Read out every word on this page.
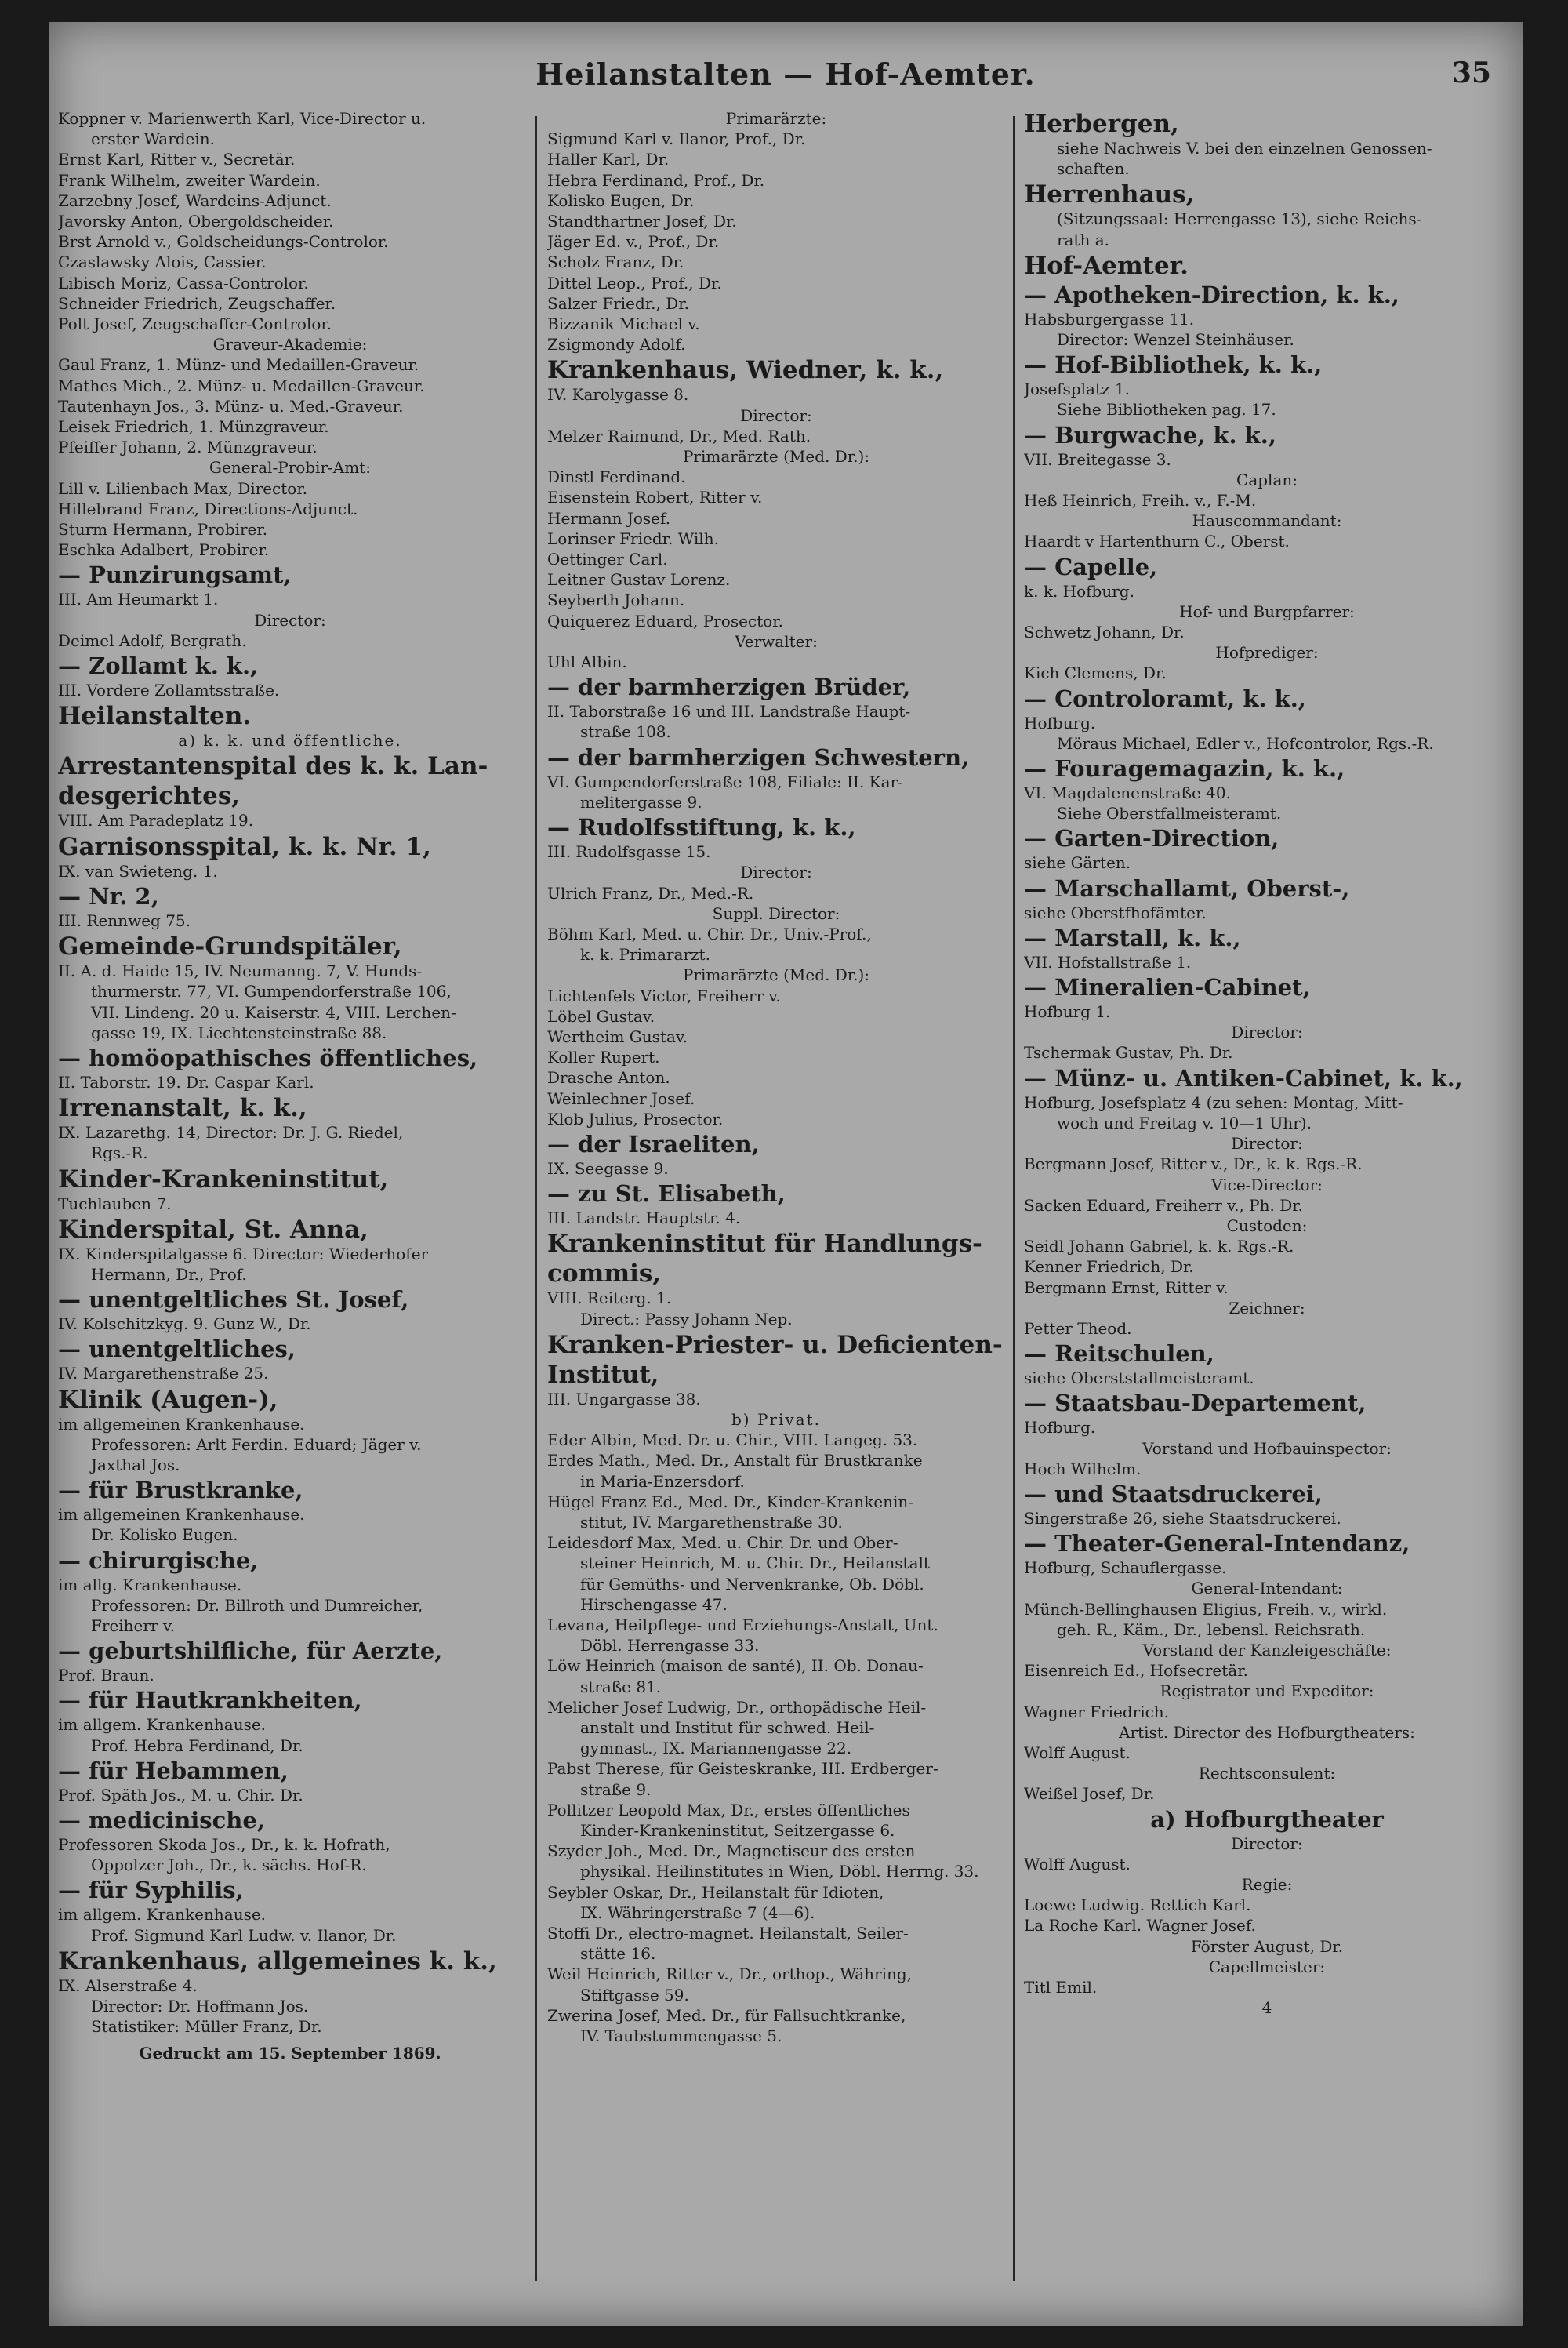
Heilanstalten — Hof-Aemter.	35
Koppner v. Marienwerth Karl, Vice-Director u.
erster Wardein.
Ernst Karl, Ritter v., Secretär.
Frank Wilhelm, zweiter Wardein.
Zarzebny Josef, Wardeins-Adjunct.
Javorsky Anton, Obergoldscheider.
Brst Arnold v., Goldscheidungs-Controlor.
Czaslawsky Alois, Cassier.
Libisch Moriz, Cassa-Controlor.
Schneider Friedrich, Zeugschaffer.
Polt Josef, Zeugschaffer-Controlor.
Graveur-Akademie:
Gaul Franz, 1. Münz- und Medaillen-Graveur.
Mathes Mich., 2. Münz- u. Medaillen-Graveur.
Tautenhayn Jos., 3. Münz- u. Med.-Graveur.
Leisek Friedrich, 1. Münzgraveur.
Pfeiffer Johann, 2. Münzgraveur.
General-Probir-Amt:
Lill v. Lilienbach Max, Director.
Hillebrand Franz, Directions-Adjunct.
Sturm Hermann, Probirer.
Eschka Adalbert, Probirer.
— Punzirungsamt,
III. Am Heumarkt 1.
Director:
Deimel Adolf, Bergrath.
— Zollamt k. k.,
III. Vordere Zollamtsstraße.
Heilanstalten.
a) k. k. und öffentliche.
Arrestantenspital des k. k. Lan-
desgerichtes,
VIII. Am Paradeplatz 19.
Garnisonsspital, k. k. Nr. 1,
IX. van Swieteng. 1.
— Nr. 2,
III. Rennweg 75.
Gemeinde-Grundspitäler,
II. A. d. Haide 15, IV. Neumanng. 7, V. Hunds-
thurmerstr. 77, VI. Gumpendorferstraße 106,
VII. Lindeng. 20 u. Kaiserstr. 4, VIII. Lerchen-
gasse 19, IX. Liechtensteinstraße 88.
— homöopathisches öffentliches,
II. Taborstr. 19. Dr. Caspar Karl.
Irrenanstalt, k. k.,
IX. Lazarethg. 14, Director: Dr. J. G. Riedel,
Rgs.-R.
Kinder-Krankeninstitut,
Tuchlauben 7.
Kinderspital, St. Anna,
IX. Kinderspitalgasse 6. Director: Wiederhofer
Hermann, Dr., Prof.
— unentgeltliches St. Josef,
IV. Kolschitzkyg. 9. Gunz W., Dr.
— unentgeltliches,
IV. Margarethenstraße 25.
Klinik (Augen-),
im allgemeinen Krankenhause.
Professoren: Arlt Ferdin. Eduard; Jäger v.
Jaxthal Jos.
— für Brustkranke,
im allgemeinen Krankenhause.
Dr. Kolisko Eugen.
— chirurgische,
im allg. Krankenhause.
Professoren: Dr. Billroth und Dumreicher,
Freiherr v.
— geburtshilfliche, für Aerzte,
Prof. Braun.
— für Hautkrankheiten,
im allgem. Krankenhause.
Prof. Hebra Ferdinand, Dr.
— für Hebammen,
Prof. Späth Jos., M. u. Chir. Dr.
— medicinische,
Professoren Skoda Jos., Dr., k. k. Hofrath,
Oppolzer Joh., Dr., k. sächs. Hof-R.
— für Syphilis,
im allgem. Krankenhause.
Prof. Sigmund Karl Ludw. v. Ilanor, Dr.
Krankenhaus, allgemeines k. k.,
IX. Alserstraße 4.
Director: Dr. Hoffmann Jos.
Statistiker: Müller Franz, Dr.
Gedruckt am 15. September 1869.
Primarärzte:
Sigmund Karl v. Ilanor, Prof., Dr.
Haller Karl, Dr.
Hebra Ferdinand, Prof., Dr.
Kolisko Eugen, Dr.
Standthartner Josef, Dr.
Jäger Ed. v., Prof., Dr.
Scholz Franz, Dr.
Dittel Leop., Prof., Dr.
Salzer Friedr., Dr.
Bizzanik Michael v.
Zsigmondy Adolf.
Krankenhaus, Wiedner, k. k.,
IV. Karolygasse 8.
Director:
Melzer Raimund, Dr., Med. Rath.
Primarärzte (Med. Dr.):
Dinstl Ferdinand.
Eisenstein Robert, Ritter v.
Hermann Josef.
Lorinser Friedr. Wilh.
Oettinger Carl.
Leitner Gustav Lorenz.
Seyberth Johann.
Quiquerez Eduard, Prosector.
Verwalter:
Uhl Albin.
— der barmherzigen Brüder,
II. Taborstraße 16 und III. Landstraße Haupt-
straße 108.
— der barmherzigen Schwestern,
VI. Gumpendorferstraße 108, Filiale: II. Kar-
melitergasse 9.
— Rudolfsstiftung, k. k.,
III. Rudolfsgasse 15.
Director:
Ulrich Franz, Dr., Med.-R.
Suppl. Director:
Böhm Karl, Med. u. Chir. Dr., Univ.-Prof.,
k. k. Primararzt.
Primarärzte (Med. Dr.):
Lichtenfels Victor, Freiherr v.
Löbel Gustav.
Wertheim Gustav.
Koller Rupert.
Drasche Anton.
Weinlechner Josef.
Klob Julius, Prosector.
— der Israeliten,
IX. Seegasse 9.
— zu St. Elisabeth,
III. Landstr. Hauptstr. 4.
Krankeninstitut für Handlungs-
commis,
VIII. Reiterg. 1.
Direct.: Passy Johann Nep.
Kranken-Priester- u. Deficienten-
Institut,
III. Ungargasse 38.
b) Privat.
Eder Albin, Med. Dr. u. Chir., VIII. Langeg. 53.
Erdes Math., Med. Dr., Anstalt für Brustkranke
in Maria-Enzersdorf.
Hügel Franz Ed., Med. Dr., Kinder-Krankenin-
stitut, IV. Margarethenstraße 30.
Leidesdorf Max, Med. u. Chir. Dr. und Ober-
steiner Heinrich, M. u. Chir. Dr., Heilanstalt
für Gemüths- und Nervenkranke, Ob. Döbl.
Hirschengasse 47.
Levana, Heilpflege- und Erziehungs-Anstalt, Unt.
Döbl. Herrengasse 33.
Löw Heinrich (maison de santé), II. Ob. Donau-
straße 81.
Melicher Josef Ludwig, Dr., orthopädische Heil-
anstalt und Institut für schwed. Heil-
gymnast., IX. Mariannengasse 22.
Pabst Therese, für Geisteskranke, III. Erdberger-
straße 9.
Pollitzer Leopold Max, Dr., erstes öffentliches
Kinder-Krankeninstitut, Seitzergasse 6.
Szyder Joh., Med. Dr., Magnetiseur des ersten
physikal. Heilinstitutes in Wien, Döbl. Herrng. 33.
Seybler Oskar, Dr., Heilanstalt für Idioten,
IX. Währingerstraße 7 (4—6).
Stoffi Dr., electro-magnet. Heilanstalt, Seiler-
stätte 16.
Weil Heinrich, Ritter v., Dr., orthop., Währing,
Stiftgasse 59.
Zwerina Josef, Med. Dr., für Fallsuchtkranke,
IV. Taubstummengasse 5.
Herbergen,
siehe Nachweis V. bei den einzelnen Genossen-
schaften.
Herrenhaus,
(Sitzungssaal: Herrengasse 13), siehe Reichs-
rath a.
Hof-Aemter.
— Apotheken-Direction, k. k.,
Habsburgergasse 11.
Director: Wenzel Steinhäuser.
— Hof-Bibliothek, k. k.,
Josefsplatz 1.
Siehe Bibliotheken pag. 17.
— Burgwache, k. k.,
VII. Breitegasse 3.
Caplan:
Heß Heinrich, Freih. v., F.-M.
Hauscommandant:
Haardt v Hartenthurn C., Oberst.
— Capelle,
k. k. Hofburg.
Hof- und Burgpfarrer:
Schwetz Johann, Dr.
Hofprediger:
Kich Clemens, Dr.
— Controloramt, k. k.,
Hofburg.
Möraus Michael, Edler v., Hofcontrolor, Rgs.-R.
— Fouragemagazin, k. k.,
VI. Magdalenenstraße 40.
Siehe Oberstfallmeisteramt.
— Garten-Direction,
siehe Gärten.
— Marschallamt, Oberst-,
siehe Oberstfhofämter.
— Marstall, k. k.,
VII. Hofstallstraße 1.
— Mineralien-Cabinet,
Hofburg 1.
Director:
Tschermak Gustav, Ph. Dr.
— Münz- u. Antiken-Cabinet, k. k.,
Hofburg, Josefsplatz 4 (zu sehen: Montag, Mitt-
woch und Freitag v. 10—1 Uhr).
Director:
Bergmann Josef, Ritter v., Dr., k. k. Rgs.-R.
Vice-Director:
Sacken Eduard, Freiherr v., Ph. Dr.
Custoden:
Seidl Johann Gabriel, k. k. Rgs.-R.
Kenner Friedrich, Dr.
Bergmann Ernst, Ritter v.
Zeichner:
Petter Theod.
— Reitschulen,
siehe Oberststallmeisteramt.
— Staatsbau-Departement,
Hofburg.
Vorstand und Hofbauinspector:
Hoch Wilhelm.
— und Staatsdruckerei,
Singerstraße 26, siehe Staatsdruckerei.
— Theater-General-Intendanz,
Hofburg, Schauflergasse.
General-Intendant:
Münch-Bellinghausen Eligius, Freih. v., wirkl.
geh. R., Käm., Dr., lebensl. Reichsrath.
Vorstand der Kanzleigeschäfte:
Eisenreich Ed., Hofsecretär.
Registrator und Expeditor:
Wagner Friedrich.
Artist. Director des Hofburgtheaters:
Wolff August.
Rechtsconsulent:
Weißel Josef, Dr.
a) Hofburgtheater
Director:
Wolff August.
Regie:
Loewe Ludwig. Rettich Karl.
La Roche Karl. Wagner Josef.
Förster August, Dr.
Capellmeister:
Titl Emil.
4
